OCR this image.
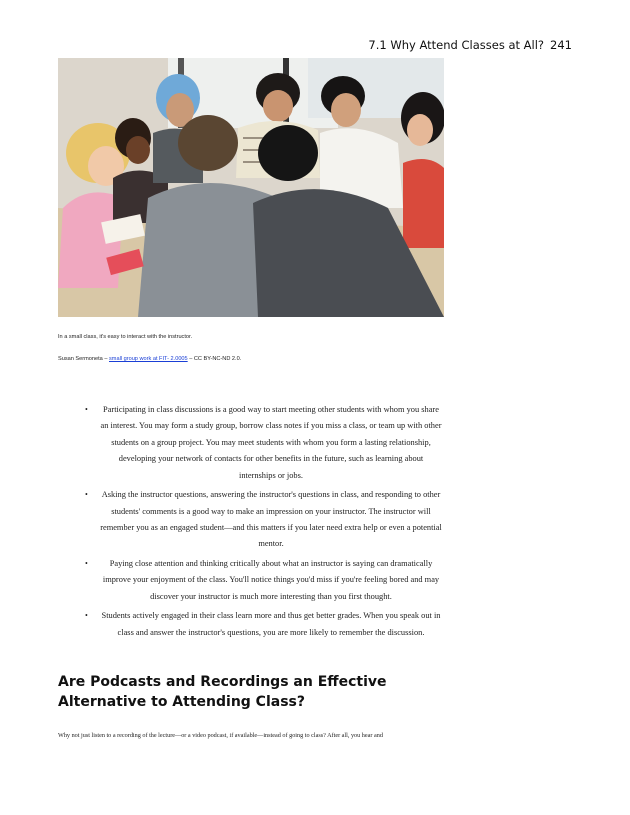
7.1 Why Attend Classes at All? 241
In a small class, it's easy to interact with the instructor.
Susan Sermoneta – small group work at FIT- 2.0005 – CC BY-NC-ND 2.0.
•	Participating in class discussions is a good way to start meeting other students with whom you share an interest. You may form a study group, borrow class notes if you miss a class, or team up with other students on a group project. You may meet students with whom you form a lasting relationship, developing your network of contacts for other benefits in the future, such as learning about internships or jobs.
•	Asking the instructor questions, answering the instructor's questions in class, and responding to other students' comments is a good way to make an impression on your instructor. The instructor will remember you as an engaged student—and this matters if you later need extra help or even a potential mentor.
•	Paying close attention and thinking critically about what an instructor is saying can dramatically improve your enjoyment of the class. You'll notice things you'd miss if you're feeling bored and may discover your instructor is much more interesting than you first thought.
•	Students actively engaged in their class learn more and thus get better grades. When you speak out in class and answer the instructor's questions, you are more likely to remember the discussion.
Are Podcasts and Recordings an Effective Alternative to Attending Class?
Why not just listen to a recording of the lecture—or a video podcast, if available—instead of going to class? After all, you hear and
